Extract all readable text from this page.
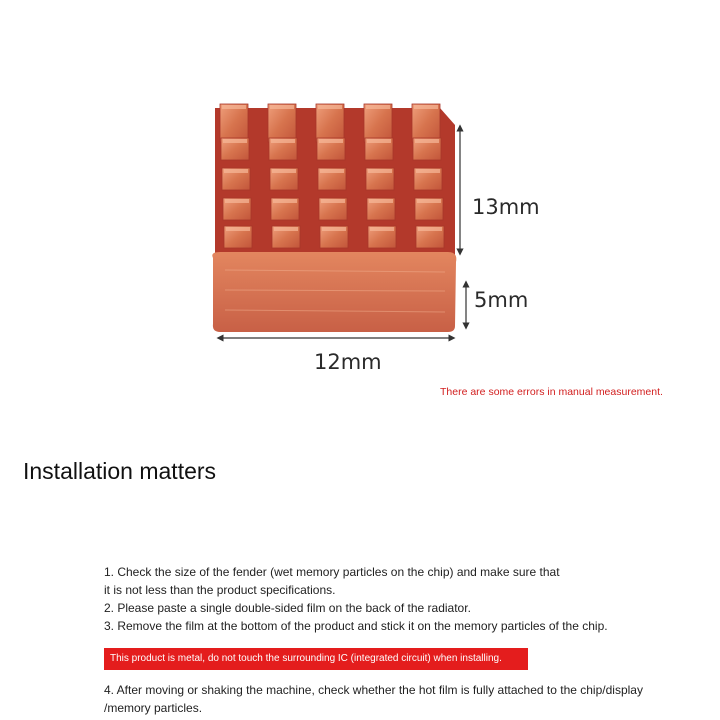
13mm
5mm
12mm
There are some errors in manual measurement.
Installation matters

1. Check the size of the fender (wet memory particles on the chip) and make sure that

it is not less than the product specifications.

2. Please paste a single double-sided film on the back of the radiator.

3. Remove the film at the bottom of the product and stick it on the memory particles of the chip.

This product is metal, do not touch the surrounding IC (integrated circuit) when installing.

4. After moving or shaking the machine, check whether the hot film is fully attached to the chip/display

/memory particles.
